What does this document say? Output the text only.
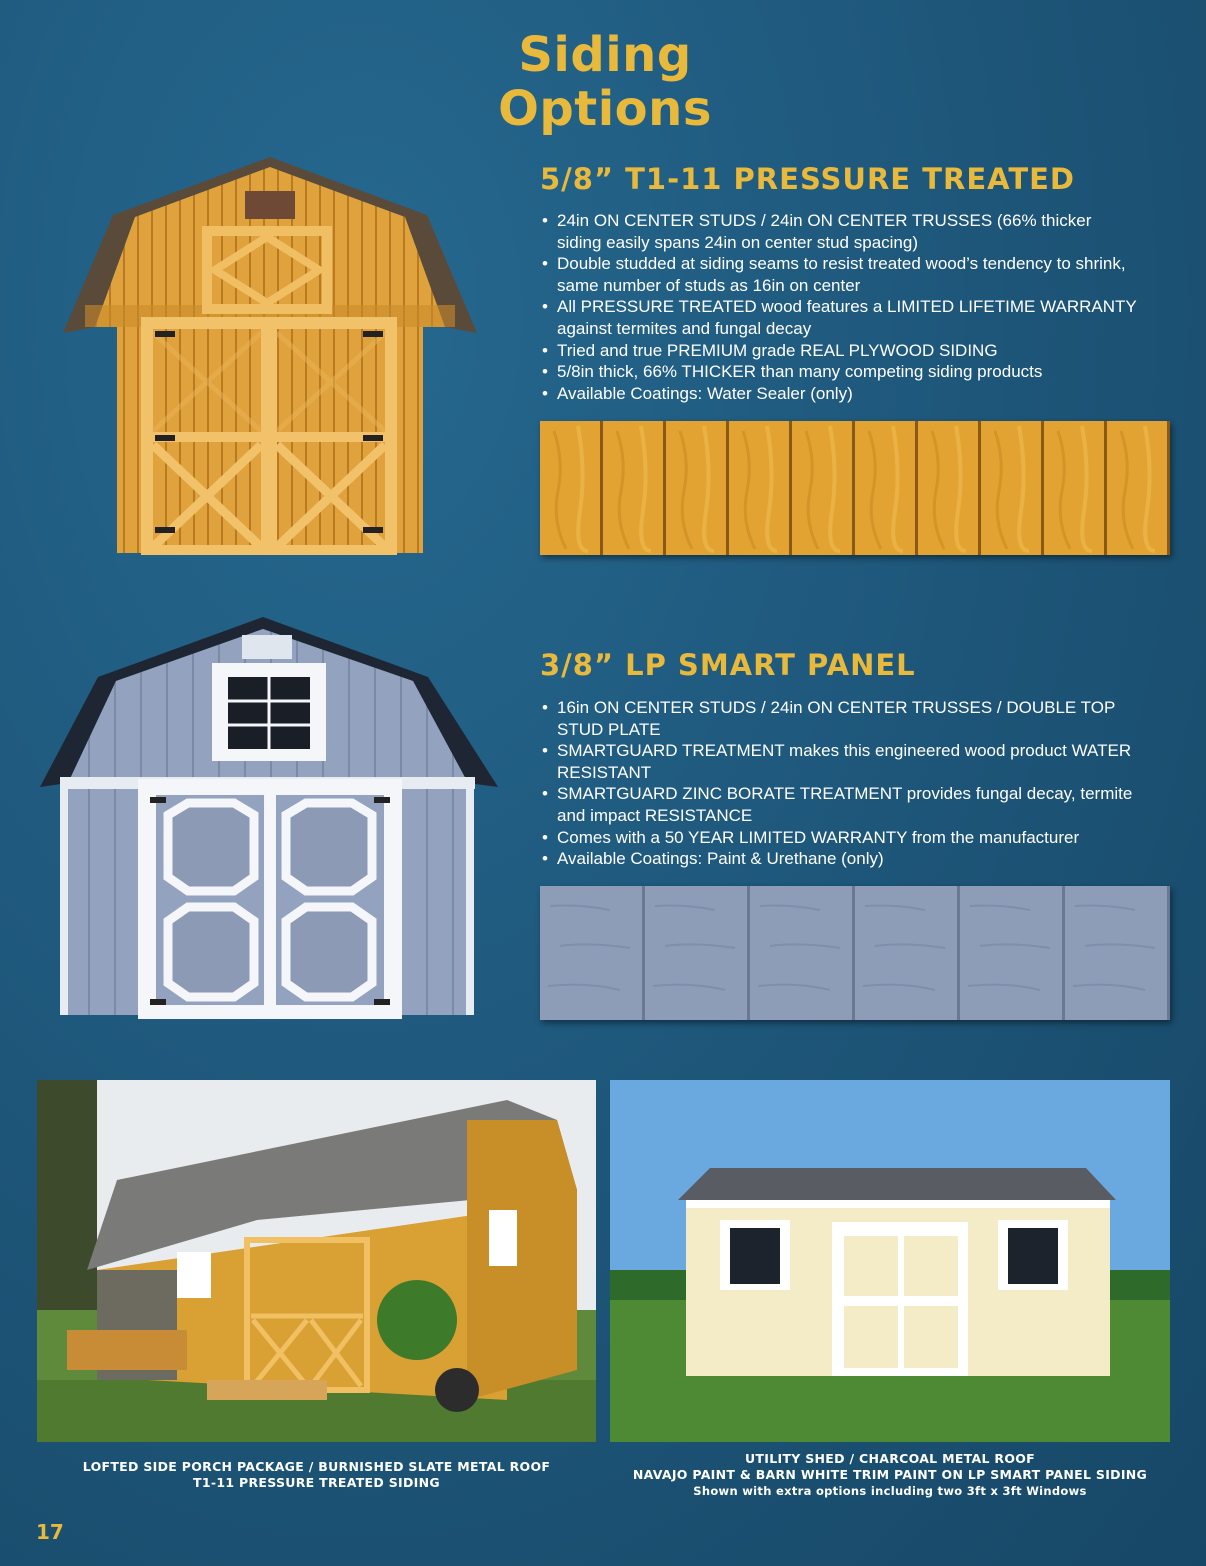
Siding
Options
5/8” T1-11 PRESSURE TREATED
• 24in ON CENTER STUDS / 24in ON CENTER TRUSSES (66% thicker siding easily spans 24in on center stud spacing)
• Double studded at siding seams to resist treated wood’s tendency to shrink, same number of studs as 16in on center
• All PRESSURE TREATED wood features a LIMITED LIFETIME WARRANTY against termites and fungal decay
• Tried and true PREMIUM grade REAL PLYWOOD SIDING
• 5/8in thick, 66% THICKER than many competing siding products
• Available Coatings: Water Sealer (only)
3/8” LP SMART PANEL
• 16in ON CENTER STUDS / 24in ON CENTER TRUSSES / DOUBLE TOP STUD PLATE
• SMARTGUARD TREATMENT makes this engineered wood product WATER RESISTANT
• SMARTGUARD ZINC BORATE TREATMENT provides fungal decay, termite and impact RESISTANCE
• Comes with a 50 YEAR LIMITED WARRANTY from the manufacturer
• Available Coatings: Paint & Urethane (only)
LOFTED SIDE PORCH PACKAGE / BURNISHED SLATE METAL ROOF
T1-11 PRESSURE TREATED SIDING
UTILITY SHED / CHARCOAL METAL ROOF
NAVAJO PAINT & BARN WHITE TRIM PAINT ON LP SMART PANEL SIDING
Shown with extra options including two 3ft x 3ft Windows
17
